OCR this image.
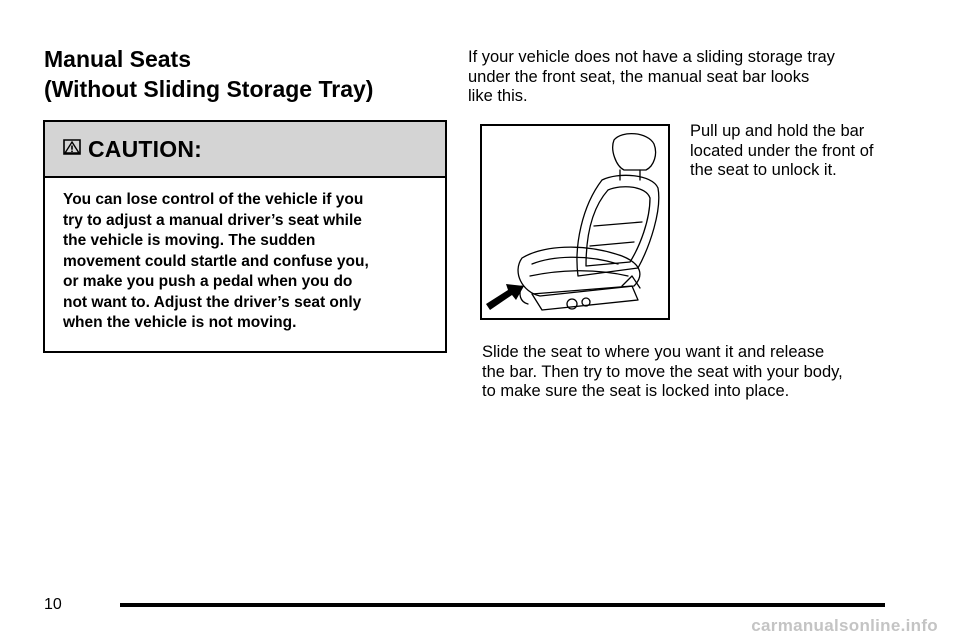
Manual Seats
(Without Sliding Storage Tray)
CAUTION:
You can lose control of the vehicle if you
try to adjust a manual driver’s seat while
the vehicle is moving. The sudden
movement could startle and confuse you,
or make you push a pedal when you do
not want to. Adjust the driver’s seat only
when the vehicle is not moving.

If your vehicle does not have a sliding storage tray
under the front seat, the manual seat bar looks
like this.

Pull up and hold the bar
located under the front of
the seat to unlock it.

Slide the seat to where you want it and release
the bar. Then try to move the seat with your body,
to make sure the seat is locked into place.

10

carmanualsonline.info
